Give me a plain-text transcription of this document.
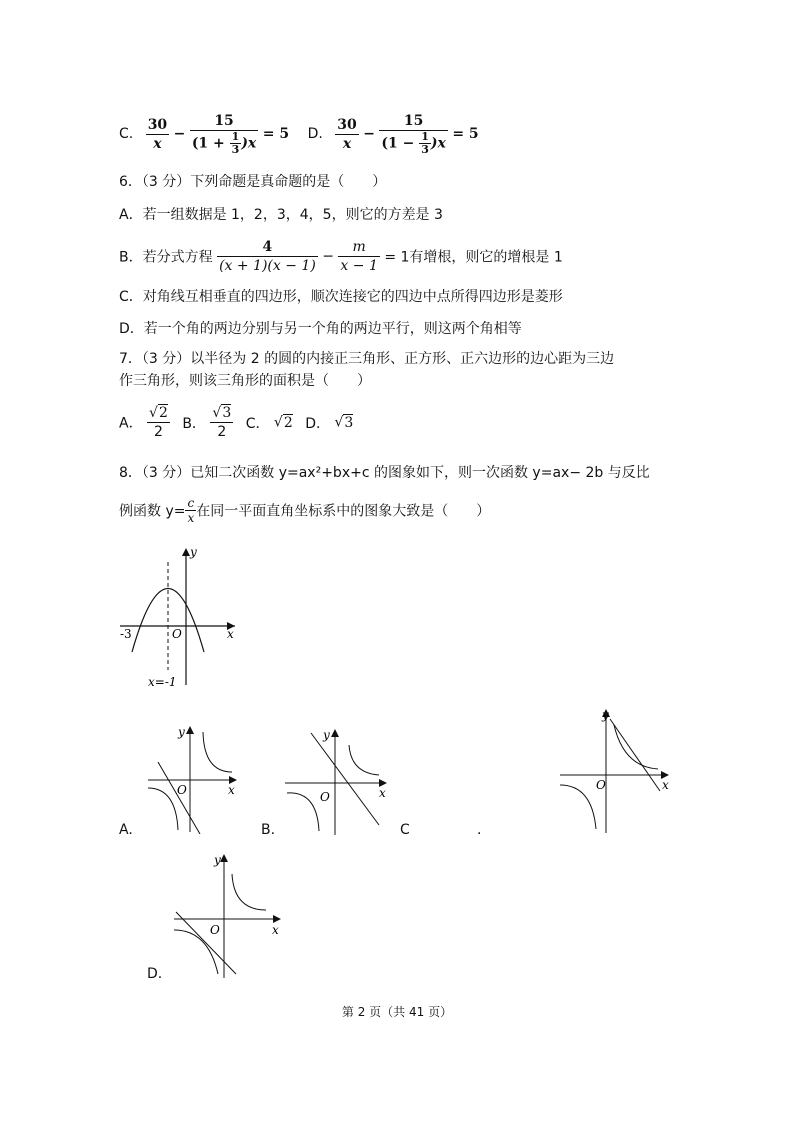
C. $\frac{30}{x} - \frac{15}{(1 + \frac{1}{3} )x} = 5$ D. $\frac{30}{x} - \frac{15}{(1 - \frac{1}{3} )x} = 5$
6．（3 分）下列命题是真命题的是（　　）
A．若一组数据是 1，2，3，4，5，则它的方差是 3
B．若分式方程 $\frac{4}{(x + 1)(x - 1)} - \frac{m}{x - 1} = 1$有增根，则它的增根是 1
C．对角线互相垂直的四边形，顺次连接它的四边中点所得四边形是菱形
D．若一个角的两边分别与另一个角的两边平行，则这两个角相等
7．（3 分）以半径为 2 的圆的内接正三角形、正方形、正六边形的边心距为三边
作三角形，则该三角形的面积是（　　）
A． $\frac{√2}{2}$ B． $\frac{√3}{2}$ C． √2 D． √3
8．（3 分）已知二次函数 y=ax²+bx+c 的图象如下，则一次函数 y=ax− 2b 与反比
例函数 $y= \frac{c}{x}$ 在同一平面直角坐标系中的图象大致是（　　）
y
x
O
-3
x=-1
y
x
O
A.
y
x
O
B.
y
x
O
C	.
y
x
O
D.
第 2 页（共 41 页）
